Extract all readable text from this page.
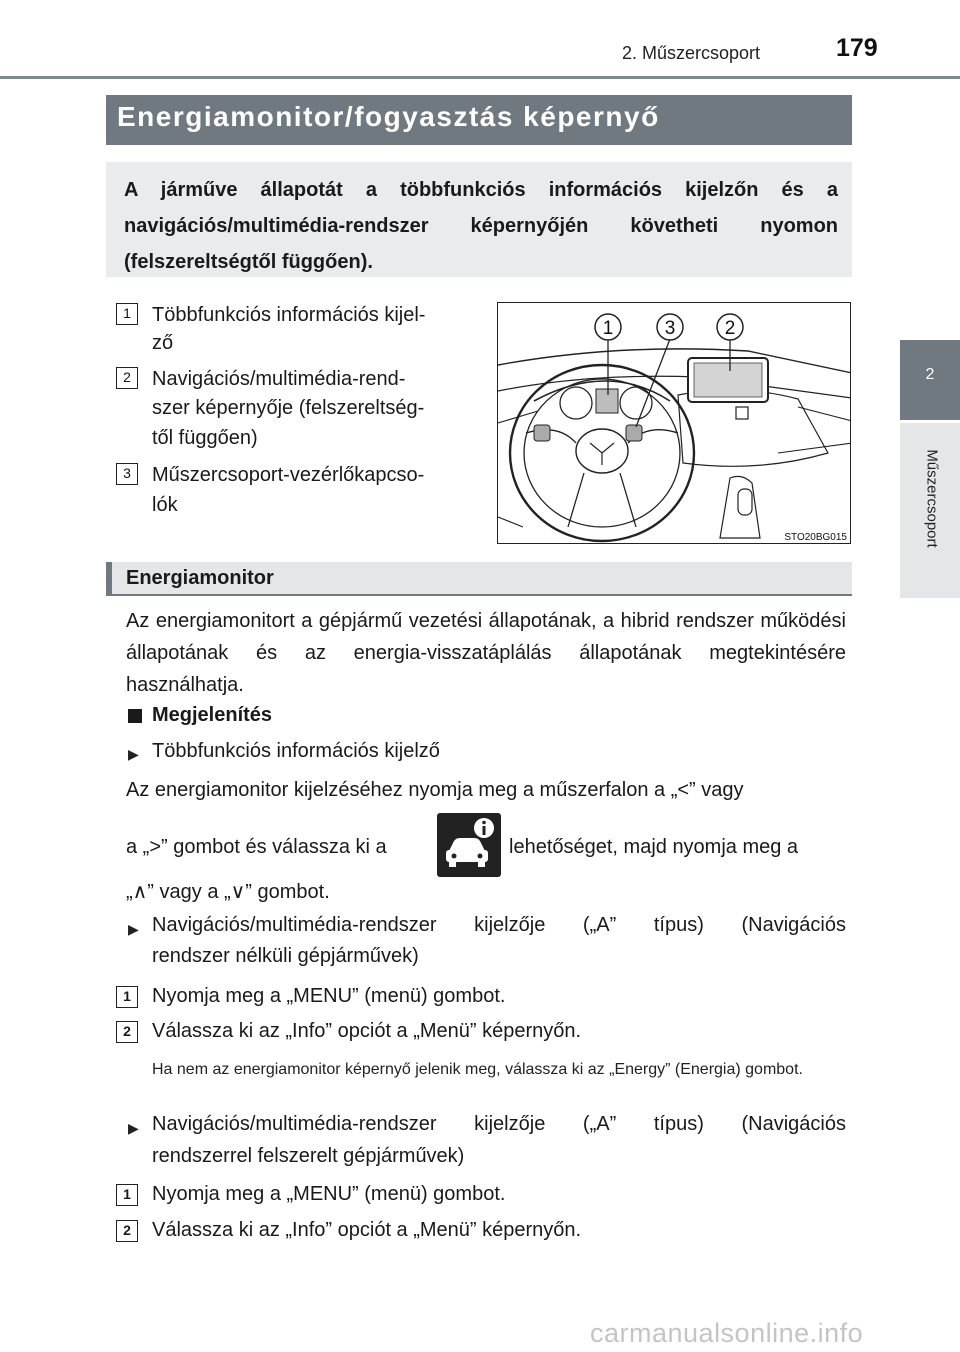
2. Műszercsoport	179
2
Műszercsoport
Energiamonitor/fogyasztás képernyő
A járműve állapotát a többfunkciós információs kijelzőn és a navigációs/multimédia-rendszer képernyőjén követheti nyomon (felszereltségtől függően).
1	Többfunkciós információs kijel-
ző
2	Navigációs/multimédia-rend-
szer képernyője (felszereltség-
től függően)
3	Műszercsoport-vezérlőkapcso-
lók
1	3	2
STO20BG015
Energiamonitor
Az energiamonitort a gépjármű vezetési állapotának, a hibrid rendszer működési állapotának és az energia-visszatáplálás állapotának megtekintésére használhatja.
Megjelenítés
▶ Többfunkciós információs kijelző
Az energiamonitor kijelzéséhez nyomja meg a műszerfalon a „<” vagy
a „>” gombot és válassza ki a	lehetőséget, majd nyomja meg a
„∧” vagy a „∨” gombot.
▶ Navigációs/multimédia-rendszer kijelzője („A” típus) (Navigációs
rendszer nélküli gépjárművek)
1	Nyomja meg a „MENU” (menü) gombot.
2	Válassza ki az „Info” opciót a „Menü” képernyőn.
Ha nem az energiamonitor képernyő jelenik meg, válassza ki az „Energy” (Energia) gombot.
▶ Navigációs/multimédia-rendszer kijelzője („A” típus) (Navigációs
rendszerrel felszerelt gépjárművek)
1	Nyomja meg a „MENU” (menü) gombot.
2	Válassza ki az „Info” opciót a „Menü” képernyőn.
carmanualsonline.info
